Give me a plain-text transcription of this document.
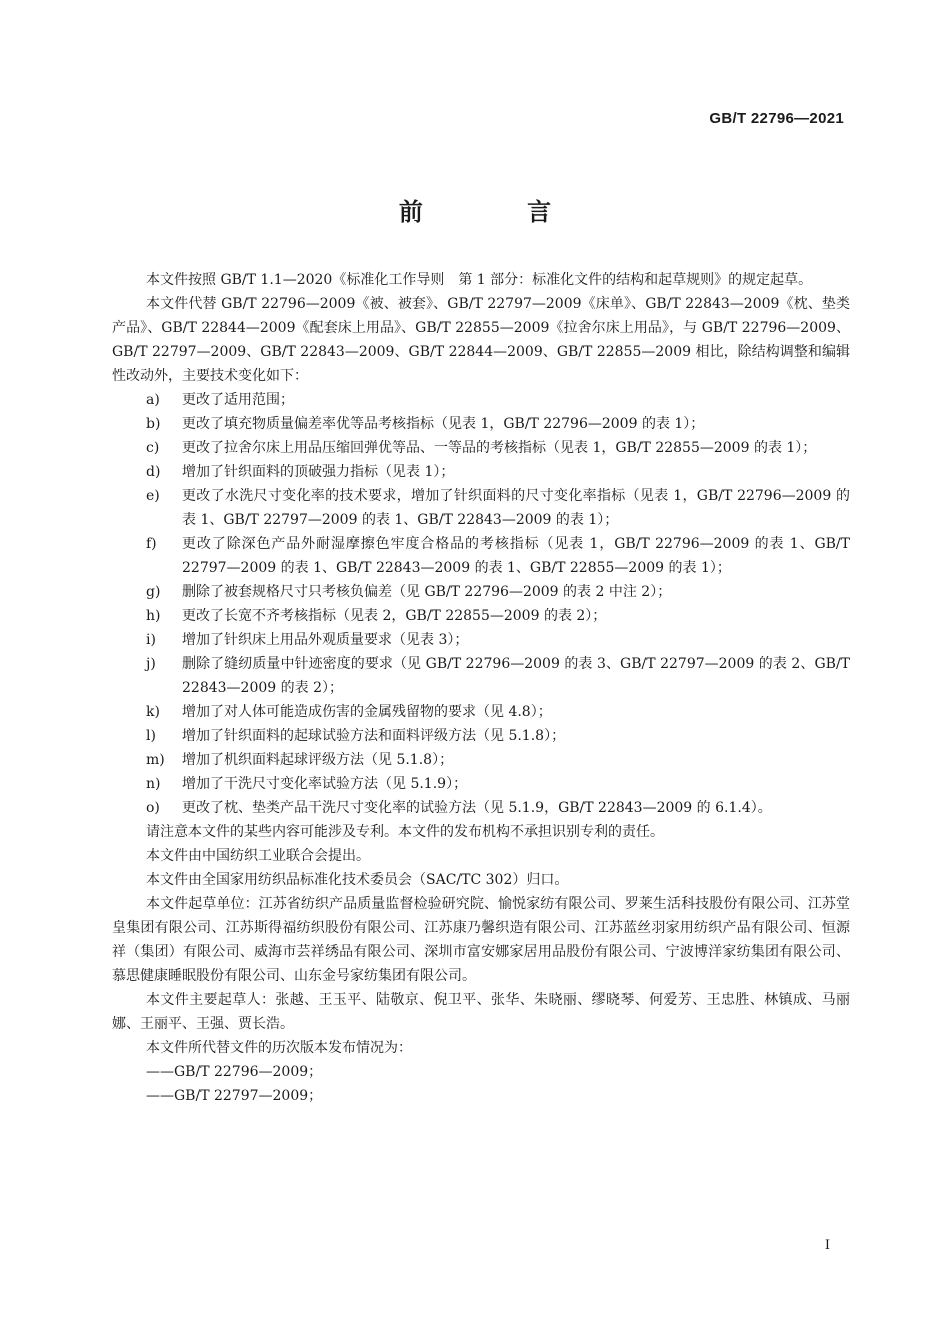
GB/T 22796—2021
前 言

本文件按照 GB/T 1.1—2020《标准化工作导则　第 1 部分：标准化文件的结构和起草规则》的规定起草。

本文件代替 GB/T 22796—2009《被、被套》、GB/T 22797—2009《床单》、GB/T 22843—2009《枕、垫类产品》、GB/T 22844—2009《配套床上用品》、GB/T 22855—2009《拉舍尔床上用品》，与 GB/T 22796—2009、GB/T 22797—2009、GB/T 22843—2009、GB/T 22844—2009、GB/T 22855—2009 相比，除结构调整和编辑性改动外，主要技术变化如下：

a)	更改了适用范围；
b)	更改了填充物质量偏差率优等品考核指标（见表 1，GB/T 22796—2009 的表 1）；
c)	更改了拉舍尔床上用品压缩回弹优等品、一等品的考核指标（见表 1，GB/T 22855—2009 的表 1）；
d)	增加了针织面料的顶破强力指标（见表 1）；
e)	更改了水洗尺寸变化率的技术要求，增加了针织面料的尺寸变化率指标（见表 1，GB/T 22796—2009 的表 1、GB/T 22797—2009 的表 1、GB/T 22843—2009 的表 1）；
f)	更改了除深色产品外耐湿摩擦色牢度合格品的考核指标（见表 1，GB/T 22796—2009 的表 1、GB/T 22797—2009 的表 1、GB/T 22843—2009 的表 1、GB/T 22855—2009 的表 1）；
g)	删除了被套规格尺寸只考核负偏差（见 GB/T 22796—2009 的表 2 中注 2）；
h)	更改了长宽不齐考核指标（见表 2，GB/T 22855—2009 的表 2）；
i)	增加了针织床上用品外观质量要求（见表 3）；
j)	删除了缝纫质量中针迹密度的要求（见 GB/T 22796—2009 的表 3、GB/T 22797—2009 的表 2、GB/T 22843—2009 的表 2）；
k)	增加了对人体可能造成伤害的金属残留物的要求（见 4.8）；
l)	增加了针织面料的起球试验方法和面料评级方法（见 5.1.8）；
m)	增加了机织面料起球评级方法（见 5.1.8）；
n)	增加了干洗尺寸变化率试验方法（见 5.1.9）；
o)	更改了枕、垫类产品干洗尺寸变化率的试验方法（见 5.1.9，GB/T 22843—2009 的 6.1.4）。

请注意本文件的某些内容可能涉及专利。本文件的发布机构不承担识别专利的责任。

本文件由中国纺织工业联合会提出。

本文件由全国家用纺织品标准化技术委员会（SAC/TC 302）归口。

本文件起草单位：江苏省纺织产品质量监督检验研究院、愉悦家纺有限公司、罗莱生活科技股份有限公司、江苏堂皇集团有限公司、江苏斯得福纺织股份有限公司、江苏康乃馨织造有限公司、江苏蓝丝羽家用纺织产品有限公司、恒源祥（集团）有限公司、威海市芸祥绣品有限公司、深圳市富安娜家居用品股份有限公司、宁波博洋家纺集团有限公司、慕思健康睡眠股份有限公司、山东金号家纺集团有限公司。

本文件主要起草人：张越、王玉平、陆敬京、倪卫平、张华、朱晓丽、缪晓琴、何爱芳、王忠胜、林镇成、马丽娜、王丽平、王强、贾长浩。

本文件所代替文件的历次版本发布情况为：

——GB/T 22796—2009；
——GB/T 22797—2009；
I
